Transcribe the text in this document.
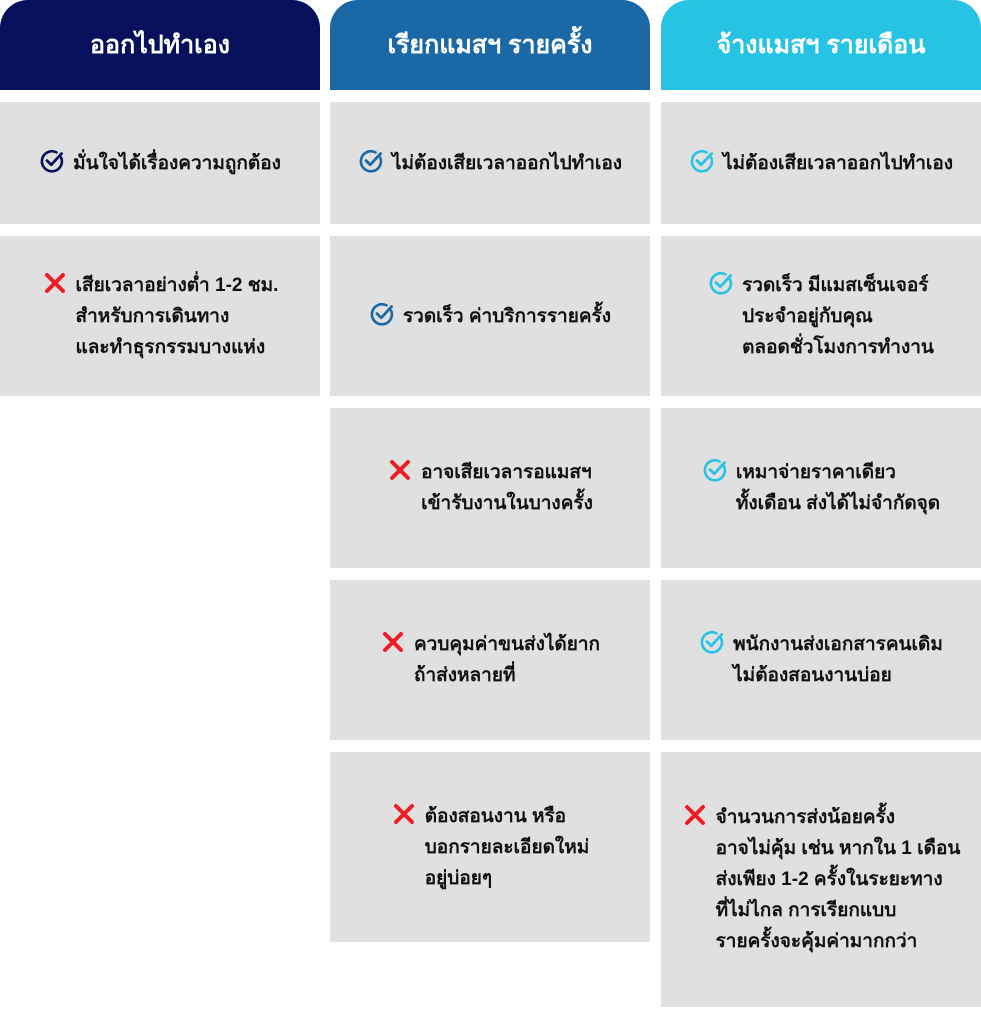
ออกไปทำเอง
มั่นใจได้เรื่องความถูกต้อง
เสียเวลาอย่างต่ำ 1-2 ชม.
สำหรับการเดินทาง
และทำธุรกรรมบางแห่ง
เรียกแมสฯ รายครั้ง
ไม่ต้องเสียเวลาออกไปทำเอง
รวดเร็ว ค่าบริการรายครั้ง
อาจเสียเวลารอแมสฯ
เข้ารับงานในบางครั้ง
ควบคุมค่าขนส่งได้ยาก
ถ้าส่งหลายที่
ต้องสอนงาน หรือ
บอกรายละเอียดใหม่
อยู่บ่อยๆ
จ้างแมสฯ รายเดือน
ไม่ต้องเสียเวลาออกไปทำเอง
รวดเร็ว มีแมสเซ็นเจอร์
ประจำอยู่กับคุณ
ตลอดชั่วโมงการทำงาน
เหมาจ่ายราคาเดียว
ทั้งเดือน ส่งได้ไม่จำกัดจุด
พนักงานส่งเอกสารคนเดิม
ไม่ต้องสอนงานบ่อย
จำนวนการส่งน้อยครั้ง
อาจไม่คุ้ม เช่น หากใน 1 เดือน
ส่งเพียง 1-2 ครั้งในระยะทาง
ที่ไม่ไกล การเรียกแบบ
รายครั้งจะคุ้มค่ามากกว่า
